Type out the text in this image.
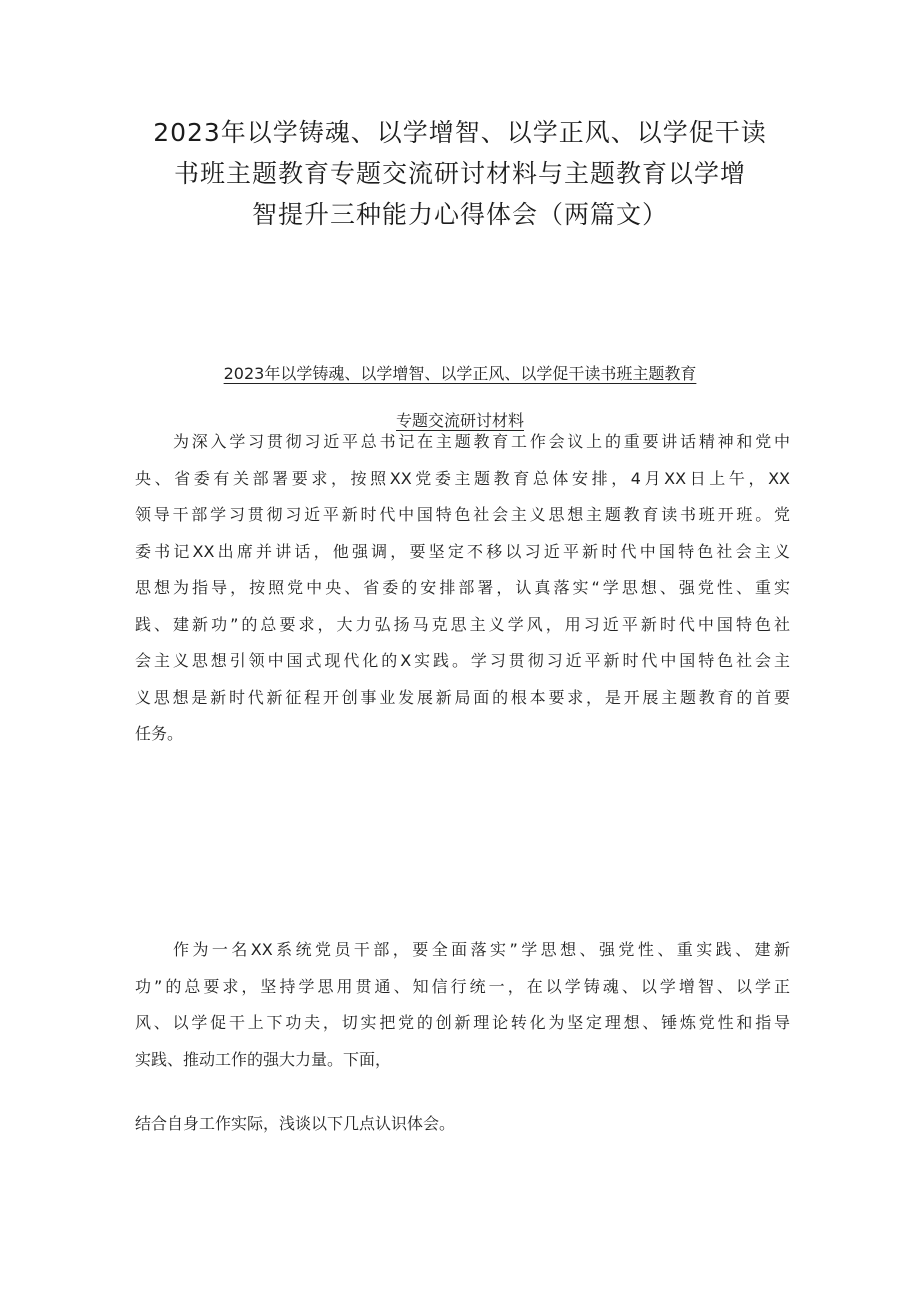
2023年以学铸魂、以学增智、以学正风、以学促干读
书班主题教育专题交流研讨材料与主题教育以学增
智提升三种能力心得体会（两篇文）
2023年以学铸魂、以学增智、以学正风、以学促干读书班主题教育
专题交流研讨材料
为深入学习贯彻习近平总书记在主题教育工作会议上的重要讲话精神和党中
央、省委有关部署要求，按照XX党委主题教育总体安排，4月XX日上午，XX
领导干部学习贯彻习近平新时代中国特色社会主义思想主题教育读书班开班。党
委书记XX出席并讲话，他强调，要坚定不移以习近平新时代中国特色社会主义
思想为指导，按照党中央、省委的安排部署，认真落实“学思想、强党性、重实
践、建新功”的总要求，大力弘扬马克思主义学风，用习近平新时代中国特色社
会主义思想引领中国式现代化的X实践。学习贯彻习近平新时代中国特色社会主
义思想是新时代新征程开创事业发展新局面的根本要求，是开展主题教育的首要
任务。
作为一名XX系统党员干部，要全面落实”学思想、强党性、重实践、建新
功”的总要求，坚持学思用贯通、知信行统一，在以学铸魂、以学增智、以学正
风、以学促干上下功夫，切实把党的创新理论转化为坚定理想、锤炼党性和指导
实践、推动工作的强大力量。下面，
结合自身工作实际，浅谈以下几点认识体会。
